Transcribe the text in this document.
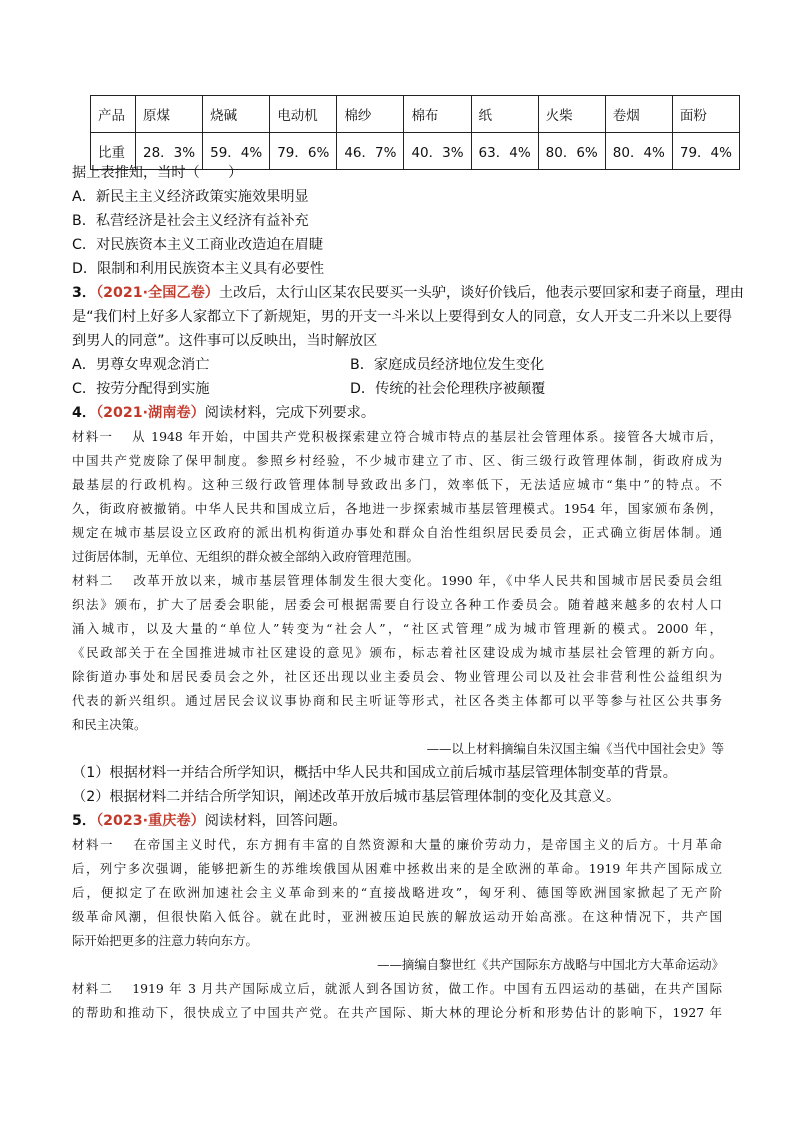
产品	原煤	烧碱	电动机	棉纱	棉布	纸	火柴	卷烟	面粉
比重	28．3%	59．4%	79．6%	46．7%	40．3%	63．4%	80．6%	80．4%	79．4%
据上表推知，当时（　　）
A．新民主主义经济政策实施效果明显
B．私营经济是社会主义经济有益补充
C．对民族资本主义工商业改造迫在眉睫
D．限制和利用民族资本主义具有必要性
3．（2021·全国乙卷）土改后，太行山区某农民要买一头驴，谈好价钱后，他表示要回家和妻子商量，理由
是“我们村上好多人家都立下了新规矩，男的开支一斗米以上要得到女人的同意，女人开支二升米以上要得
到男人的同意”。这件事可以反映出，当时解放区
A．男尊女卑观念消亡	B．家庭成员经济地位发生变化
C．按劳分配得到实施	D．传统的社会伦理秩序被颠覆
4．（2021·湖南卷）阅读材料，完成下列要求。
材料一　 从 1948 年开始，中国共产党积极探索建立符合城市特点的基层社会管理体系。接管各大城市后，
中国共产党废除了保甲制度。参照乡村经验，不少城市建立了市、区、街三级行政管理体制，街政府成为
最基层的行政机构。这种三级行政管理体制导致政出多门，效率低下，无法适应城市“集中”的特点。不
久，街政府被撤销。中华人民共和国成立后，各地进一步探索城市基层管理模式。1954 年，国家颁布条例，
规定在城市基层设立区政府的派出机构街道办事处和群众自治性组织居民委员会，正式确立街居体制。通
过街居体制，无单位、无组织的群众被全部纳入政府管理范围。
材料二　 改革开放以来，城市基层管理体制发生很大变化。1990 年，《中华人民共和国城市居民委员会组
织法》颁布，扩大了居委会职能，居委会可根据需要自行设立各种工作委员会。随着越来越多的农村人口
涌入城市，以及大量的“单位人”转变为“社会人”，“社区式管理”成为城市管理新的模式。2000 年，
《民政部关于在全国推进城市社区建设的意见》颁布，标志着社区建设成为城市基层社会管理的新方向。
除街道办事处和居民委员会之外，社区还出现以业主委员会、物业管理公司以及社会非营利性公益组织为
代表的新兴组织。通过居民会议议事协商和民主听证等形式，社区各类主体都可以平等参与社区公共事务
和民主决策。
——以上材料摘编自朱汉国主编《当代中国社会史》等
（1）根据材料一并结合所学知识，概括中华人民共和国成立前后城市基层管理体制变革的背景。
（2）根据材料二并结合所学知识，阐述改革开放后城市基层管理体制的变化及其意义。
5．（2023·重庆卷）阅读材料，回答问题。
材料一　 在帝国主义时代，东方拥有丰富的自然资源和大量的廉价劳动力，是帝国主义的后方。十月革命
后，列宁多次强调，能够把新生的苏维埃俄国从困难中拯救出来的是全欧洲的革命。1919 年共产国际成立
后，便拟定了在欧洲加速社会主义革命到来的“直接战略进攻”，匈牙利、德国等欧洲国家掀起了无产阶
级革命风潮，但很快陷入低谷。就在此时，亚洲被压迫民族的解放运动开始高涨。在这种情况下，共产国
际开始把更多的注意力转向东方。
——摘编自黎世红《共产国际东方战略与中国北方大革命运动》
材料二　 1919 年 3 月共产国际成立后，就派人到各国访贫，做工作。中国有五四运动的基础，在共产国际
的帮助和推动下，很快成立了中国共产党。在共产国际、斯大林的理论分析和形势估计的影响下，1927 年
